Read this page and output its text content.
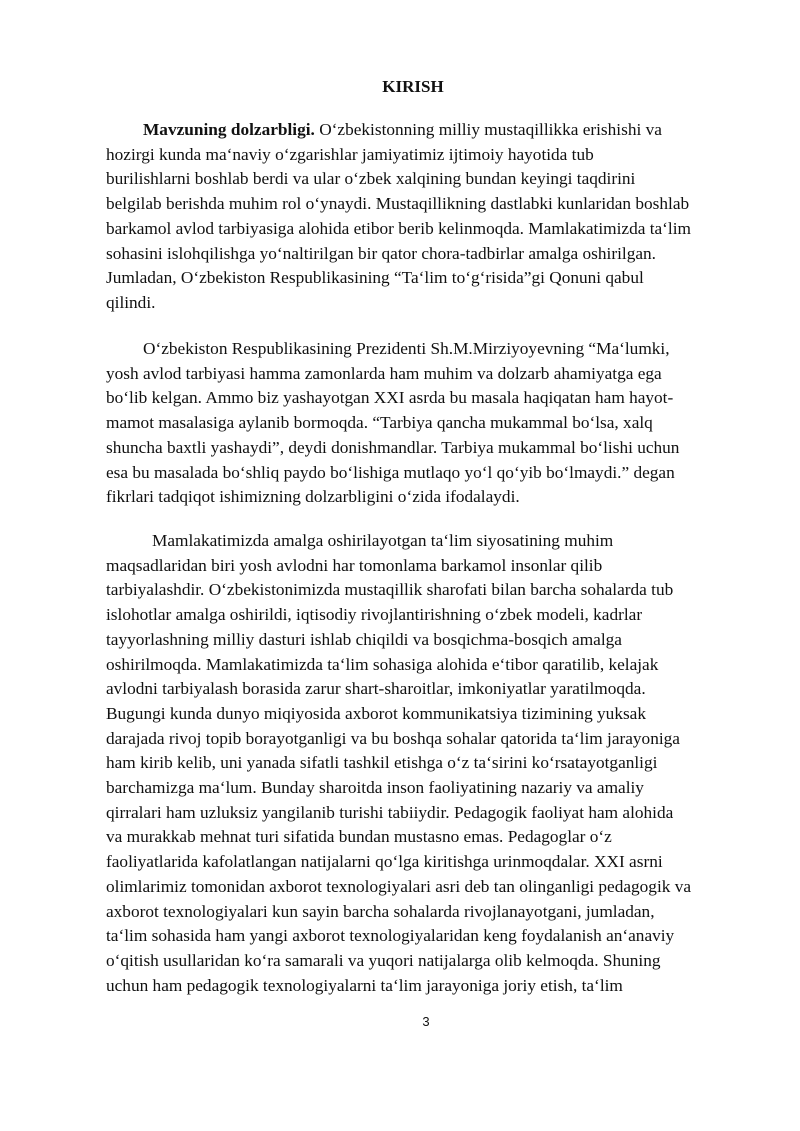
KIRISH
Mavzuning dolzarbligi. O‘zbekistonning milliy mustaqillikka erishishi va
hozirgi kunda ma‘naviy o‘zgarishlar jamiyatimiz ijtimoiy hayotida tub
burilishlarni boshlab berdi va ular o‘zbek xalqining bundan keyingi taqdirini
belgilab berishda muhim rol o‘ynaydi. Mustaqillikning dastlabki kunlaridan boshlab
barkamol avlod tarbiyasiga alohida etibor berib kelinmoqda. Mamlakatimizda ta‘lim
sohasini islohqilishga yo‘naltirilgan bir qator chora-tadbirlar amalga oshirilgan.
Jumladan, O‘zbekiston Respublikasining “Ta‘lim to‘g‘risida”gi Qonuni qabul
qilindi.
O‘zbekiston Respublikasining Prezidenti Sh.M.Mirziyoyevning “Ma‘lumki,
yosh avlod tarbiyasi hamma zamonlarda ham muhim va dolzarb ahamiyatga ega
bo‘lib kelgan. Ammo biz yashayotgan XXI asrda bu masala haqiqatan ham hayot-
mamot masalasiga aylanib bormoqda. “Tarbiya qancha mukammal bo‘lsa, xalq
shuncha baxtli yashaydi”, deydi donishmandlar. Tarbiya mukammal bo‘lishi uchun
esa bu masalada bo‘shliq paydo bo‘lishiga mutlaqo yo‘l qo‘yib bo‘lmaydi.” degan
fikrlari tadqiqot ishimizning dolzarbligini o‘zida ifodalaydi.
Mamlakatimizda amalga oshirilayotgan ta‘lim siyosatining muhim
maqsadlaridan biri yosh avlodni har tomonlama barkamol insonlar qilib
tarbiyalashdir. O‘zbekistonimizda mustaqillik sharofati bilan barcha sohalarda tub
islohotlar amalga oshirildi, iqtisodiy rivojlantirishning o‘zbek modeli, kadrlar
tayyorlashning milliy dasturi ishlab chiqildi va bosqichma-bosqich amalga
oshirilmoqda. Mamlakatimizda ta‘lim sohasiga alohida e‘tibor qaratilib, kelajak
avlodni tarbiyalash borasida zarur shart-sharoitlar, imkoniyatlar yaratilmoqda.
Bugungi kunda dunyo miqiyosida axborot kommunikatsiya tizimining yuksak
darajada rivoj topib borayotganligi va bu boshqa sohalar qatorida ta‘lim jarayoniga
ham kirib kelib, uni yanada sifatli tashkil etishga o‘z ta‘sirini ko‘rsatayotganligi
barchamizga ma‘lum. Bunday sharoitda inson faoliyatining nazariy va amaliy
qirralari ham uzluksiz yangilanib turishi tabiiydir. Pedagogik faoliyat ham alohida
va murakkab mehnat turi sifatida bundan mustasno emas. Pedagoglar o‘z
faoliyatlarida kafolatlangan natijalarni qo‘lga kiritishga urinmoqdalar. XXI asrni
olimlarimiz tomonidan axborot texnologiyalari asri deb tan olinganligi pedagogik va
axborot texnologiyalari kun sayin barcha sohalarda rivojlanayotgani, jumladan,
ta‘lim sohasida ham yangi axborot texnologiyalaridan keng foydalanish an‘anaviy
o‘qitish usullaridan ko‘ra samarali va yuqori natijalarga olib kelmoqda. Shuning
uchun ham pedagogik texnologiyalarni ta‘lim jarayoniga joriy etish, ta‘lim
3
